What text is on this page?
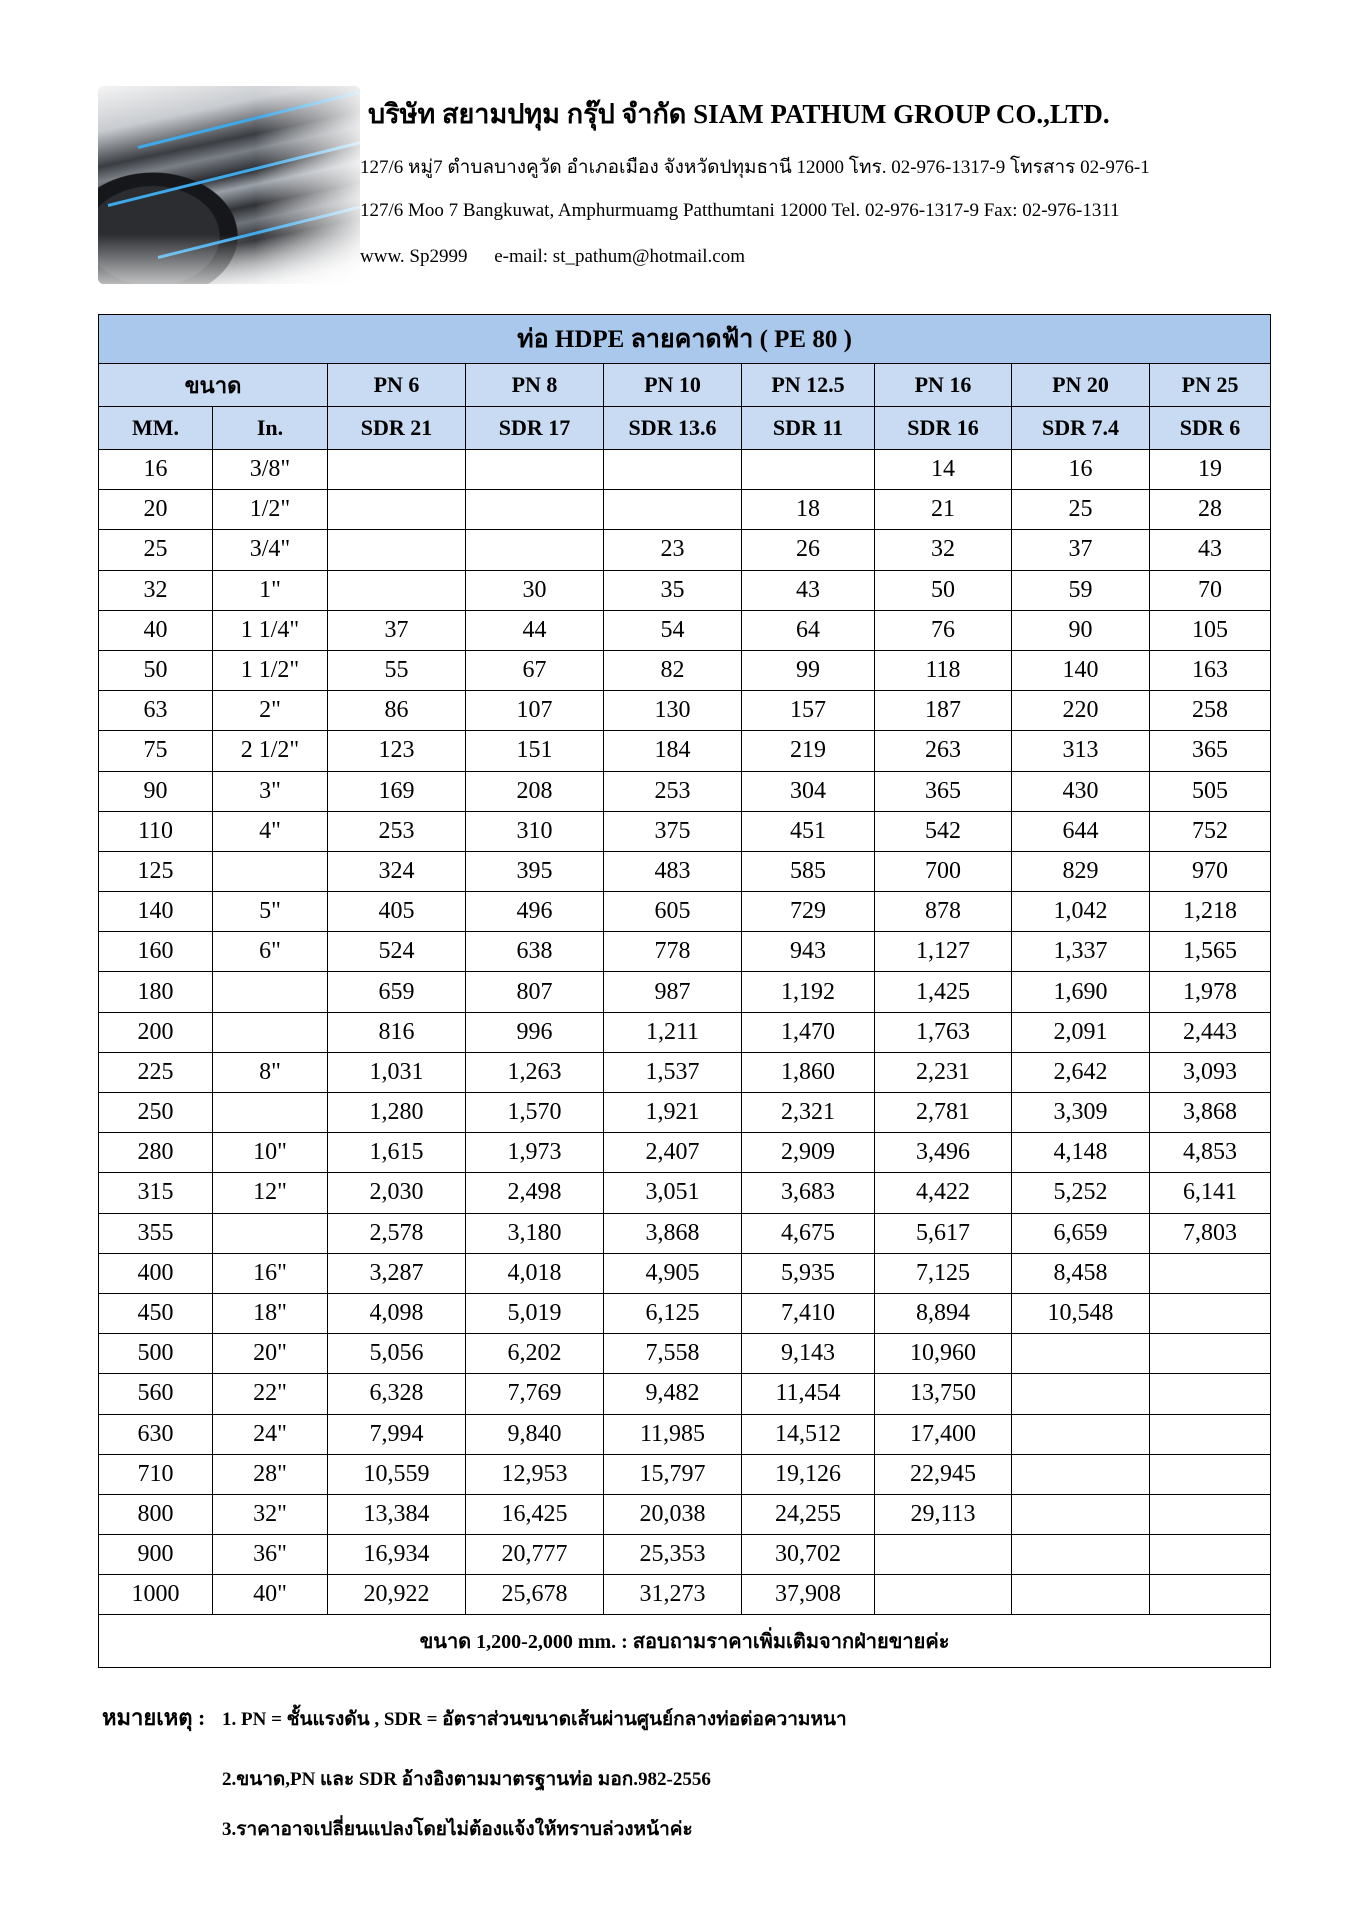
บริษัท สยามปทุม กรุ๊ป จำกัด SIAM PATHUM GROUP CO.,LTD.
127/6 หมู่7 ตำบลบางคูวัด อำเภอเมือง จังหวัดปทุมธานี 12000 โทร. 02-976-1317-9 โทรสาร 02-976-1
127/6 Moo 7 Bangkuwat, Amphurmuamg Patthumtani 12000 Tel. 02-976-1317-9 Fax: 02-976-1311
www. Sp2999 e-mail: st_pathum@hotmail.com
ท่อ HDPE ลายคาดฟ้า ( PE 80 )								
ขนาด		PN 6	PN 8	PN 10	PN 12.5	PN 16	PN 20	PN 25
MM.	In.	SDR 21	SDR 17	SDR 13.6	SDR 11	SDR 16	SDR 7.4	SDR 6
16	3/8"					14	16	19
20	1/2"				18	21	25	28
25	3/4"			23	26	32	37	43
32	1"		30	35	43	50	59	70
40	1 1/4"	37	44	54	64	76	90	105
50	1 1/2"	55	67	82	99	118	140	163
63	2"	86	107	130	157	187	220	258
75	2 1/2"	123	151	184	219	263	313	365
90	3"	169	208	253	304	365	430	505
110	4"	253	310	375	451	542	644	752
125		324	395	483	585	700	829	970
140	5"	405	496	605	729	878	1,042	1,218
160	6"	524	638	778	943	1,127	1,337	1,565
180		659	807	987	1,192	1,425	1,690	1,978
200		816	996	1,211	1,470	1,763	2,091	2,443
225	8"	1,031	1,263	1,537	1,860	2,231	2,642	3,093
250		1,280	1,570	1,921	2,321	2,781	3,309	3,868
280	10"	1,615	1,973	2,407	2,909	3,496	4,148	4,853
315	12"	2,030	2,498	3,051	3,683	4,422	5,252	6,141
355		2,578	3,180	3,868	4,675	5,617	6,659	7,803
400	16"	3,287	4,018	4,905	5,935	7,125	8,458	
450	18"	4,098	5,019	6,125	7,410	8,894	10,548	
500	20"	5,056	6,202	7,558	9,143	10,960		
560	22"	6,328	7,769	9,482	11,454	13,750		
630	24"	7,994	9,840	11,985	14,512	17,400		
710	28"	10,559	12,953	15,797	19,126	22,945		
800	32"	13,384	16,425	20,038	24,255	29,113		
900	36"	16,934	20,777	25,353	30,702			
1000	40"	20,922	25,678	31,273	37,908			
ขนาด 1,200-2,000 mm. : สอบถามราคาเพิ่มเติมจากฝ่ายขายค่ะ								
หมายเหตุ : 1. PN = ชั้นแรงดัน , SDR = อัตราส่วนขนาดเส้นผ่านศูนย์กลางท่อต่อความหนา
2.ขนาด,PN และ SDR อ้างอิงตามมาตรฐานท่อ มอก.982-2556
3.ราคาอาจเปลี่ยนแปลงโดยไม่ต้องแจ้งให้ทราบล่วงหน้าค่ะ
